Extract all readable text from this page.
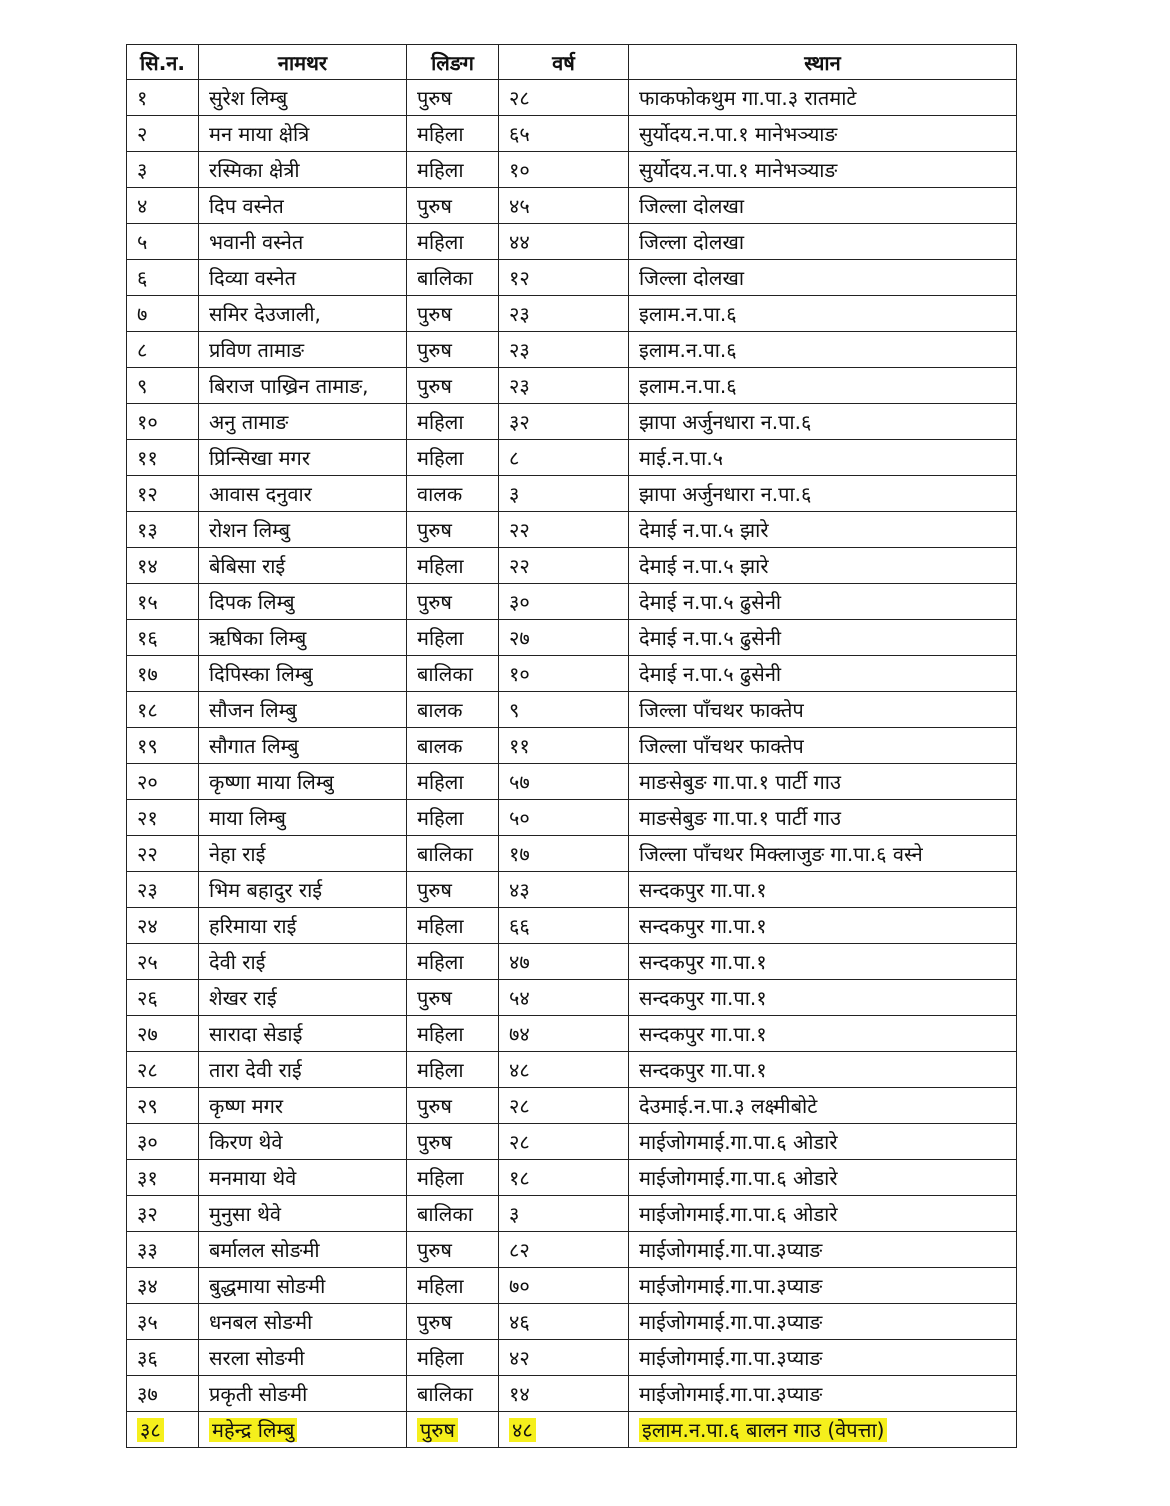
सि.न.	नामथर	लिङग	वर्ष	स्थान
१	सुरेश लिम्बु	पुरुष	२८	फाकफोकथुम गा.पा.३ रातमाटे
२	मन माया क्षेत्रि	महिला	६५	सुर्योदय.न.पा.१ मानेभञ्याङ
३	रस्मिका क्षेत्री	महिला	१०	सुर्योदय.न.पा.१ मानेभञ्याङ
४	दिप वस्नेत	पुरुष	४५	जिल्ला दोलखा
५	भवानी वस्नेत	महिला	४४	जिल्ला दोलखा
६	दिव्या वस्नेत	बालिका	१२	जिल्ला दोलखा
७	समिर देउजाली,	पुरुष	२३	इलाम.न.पा.६
८	प्रविण तामाङ	पुरुष	२३	इलाम.न.पा.६
९	बिराज पाख्रिन तामाङ,	पुरुष	२३	इलाम.न.पा.६
१०	अनु तामाङ	महिला	३२	झापा अर्जुनधारा न.पा.६
११	प्रिन्सिखा मगर	महिला	८	माई.न.पा.५
१२	आवास दनुवार	वालक	३	झापा अर्जुनधारा न.पा.६
१३	रोशन लिम्बु	पुरुष	२२	देमाई न.पा.५ झारे
१४	बेबिसा राई	महिला	२२	देमाई न.पा.५ झारे
१५	दिपक लिम्बु	पुरुष	३०	देमाई न.पा.५ ढुसेनी
१६	ऋषिका लिम्बु	महिला	२७	देमाई न.पा.५ ढुसेनी
१७	दिपिस्का लिम्बु	बालिका	१०	देमाई न.पा.५ ढुसेनी
१८	सौजन लिम्बु	बालक	९	जिल्ला पाँचथर फाक्तेप
१९	सौगात लिम्बु	बालक	११	जिल्ला पाँचथर फाक्तेप
२०	कृष्णा माया लिम्बु	महिला	५७	माङसेबुङ गा.पा.१ पार्टी गाउ
२१	माया लिम्बु	महिला	५०	माङसेबुङ गा.पा.१ पार्टी गाउ
२२	नेहा राई	बालिका	१७	जिल्ला पाँचथर मिक्लाजुङ गा.पा.६ वस्ने
२३	भिम बहादुर राई	पुरुष	४३	सन्दकपुर गा.पा.१
२४	हरिमाया राई	महिला	६६	सन्दकपुर गा.पा.१
२५	देवी राई	महिला	४७	सन्दकपुर गा.पा.१
२६	शेखर राई	पुरुष	५४	सन्दकपुर गा.पा.१
२७	सारादा सेडाई	महिला	७४	सन्दकपुर गा.पा.१
२८	तारा देवी राई	महिला	४८	सन्दकपुर गा.पा.१
२९	कृष्ण मगर	पुरुष	२८	देउमाई.न.पा.३ लक्ष्मीबोटे
३०	किरण थेवे	पुरुष	२८	माईजोगमाई.गा.पा.६ ओडारे
३१	मनमाया थेवे	महिला	१८	माईजोगमाई.गा.पा.६ ओडारे
३२	मुनुसा थेवे	बालिका	३	माईजोगमाई.गा.पा.६ ओडारे
३३	बर्मालल सोङमी	पुरुष	८२	माईजोगमाई.गा.पा.३प्याङ
३४	बुद्धमाया सोङमी	महिला	७०	माईजोगमाई.गा.पा.३प्याङ
३५	धनबल सोङमी	पुरुष	४६	माईजोगमाई.गा.पा.३प्याङ
३६	सरला सोङमी	महिला	४२	माईजोगमाई.गा.पा.३प्याङ
३७	प्रकृती सोङमी	बालिका	१४	माईजोगमाई.गा.पा.३प्याङ
३८	महेन्द्र लिम्बु	पुरुष	४८	इलाम.न.पा.६ बालन गाउ (वेपत्ता)
